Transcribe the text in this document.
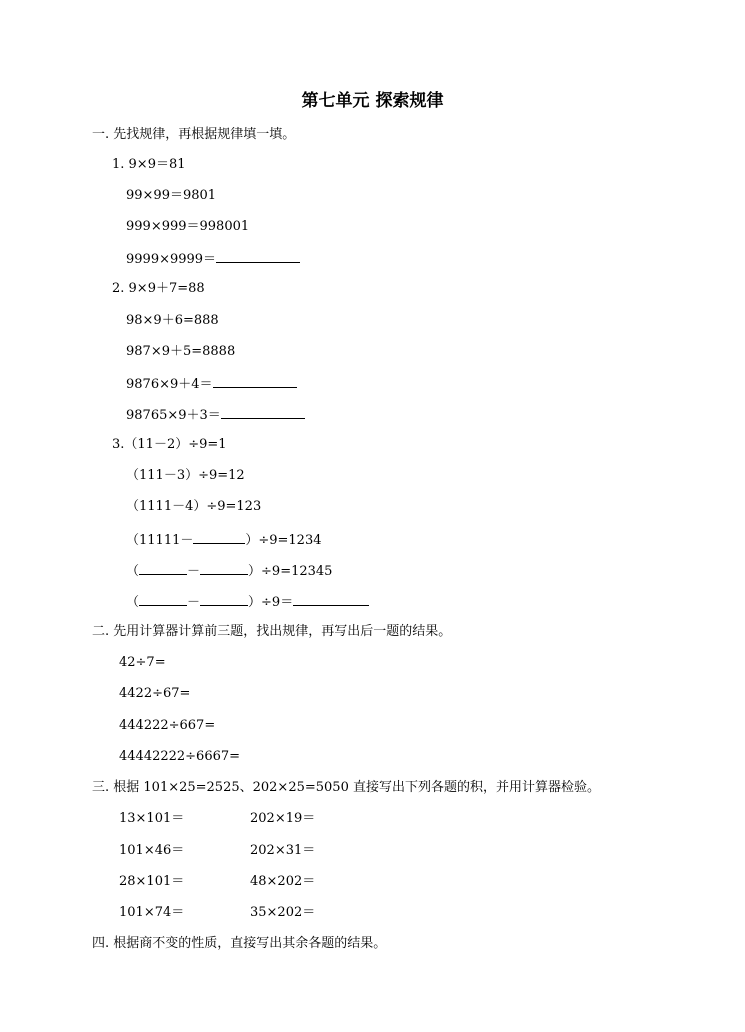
第七单元 探索规律
一. 先找规律，再根据规律填一填。
1. 9×9＝81
99×99＝9801
999×999＝998001
9999×9999＝
2. 9×9＋7=88
98×9＋6=888
987×9＋5=8888
9876×9＋4＝
98765×9＋3＝
3.（11－2）÷9=1
（111－3）÷9=12
（1111－4）÷9=123
（11111－	）÷9=1234
（	－	）÷9=12345
（	－	）÷9＝
二. 先用计算器计算前三题，找出规律，再写出后一题的结果。
42÷7=
4422÷67=
444222÷667=
44442222÷6667=
三. 根据 101×25=2525、202×25=5050 直接写出下列各题的积，并用计算器检验。
13×101＝	202×19＝
101×46＝	202×31＝
28×101＝	48×202＝
101×74＝	35×202＝
四. 根据商不变的性质，直接写出其余各题的结果。
